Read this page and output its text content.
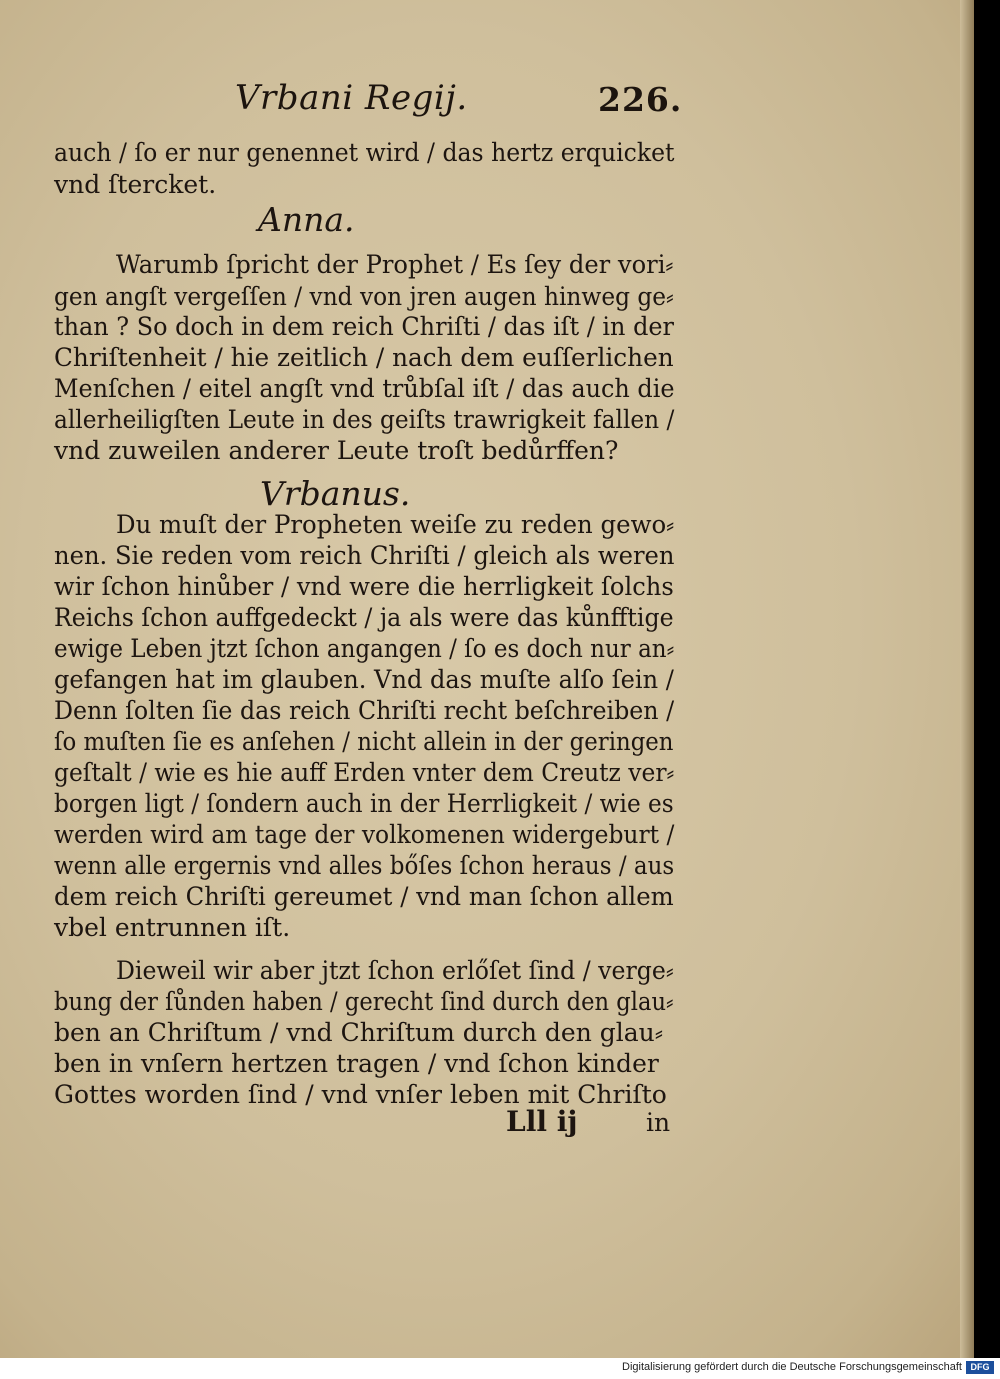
Vrbani Regij.	226.
auch / ſo er nur genennet wird / das hertz erquicket
vnd ſtercket.
Anna.
Warumb ſpricht der Prophet / Es ſey der vori⸗
gen angſt vergeſſen / vnd von jren augen hinweg ge⸗
than ? So doch in dem reich Chriſti / das iſt / in der
Chriſtenheit / hie zeitlich / nach dem euſſerlichen
Menſchen / eitel angſt vnd trůbſal iſt / das auch die
allerheiligſten Leute in des geiſts trawrigkeit fallen /
vnd zuweilen anderer Leute troſt bedůrffen?
Vrbanus.
Du muſt der Propheten weiſe zu reden gewo⸗
nen. Sie reden vom reich Chriſti / gleich als weren
wir ſchon hinůber / vnd were die herrligkeit ſolchs
Reichs ſchon auffgedeckt / ja als were das kůnfftige
ewige Leben jtzt ſchon angangen / ſo es doch nur an⸗
gefangen hat im glauben. Vnd das muſte alſo ſein /
Denn ſolten ſie das reich Chriſti recht beſchreiben /
ſo muſten ſie es anſehen / nicht allein in der geringen
geſtalt / wie es hie auff Erden vnter dem Creutz ver⸗
borgen ligt / ſondern auch in der Herrligkeit / wie es
werden wird am tage der volkomenen widergeburt /
wenn alle ergernis vnd alles bőſes ſchon heraus / aus
dem reich Chriſti gereumet / vnd man ſchon allem
vbel entrunnen iſt.
Dieweil wir aber jtzt ſchon erlőſet ſind / verge⸗
bung der ſůnden haben / gerecht ſind durch den glau⸗
ben an Chriſtum / vnd Chriſtum durch den glau⸗
ben in vnſern hertzen tragen / vnd ſchon kinder
Gottes worden ſind / vnd vnſer leben mit Chriſto
Lll ij	in
Digitalisierung gefördert durch die Deutsche Forschungsgemeinschaft DFG
